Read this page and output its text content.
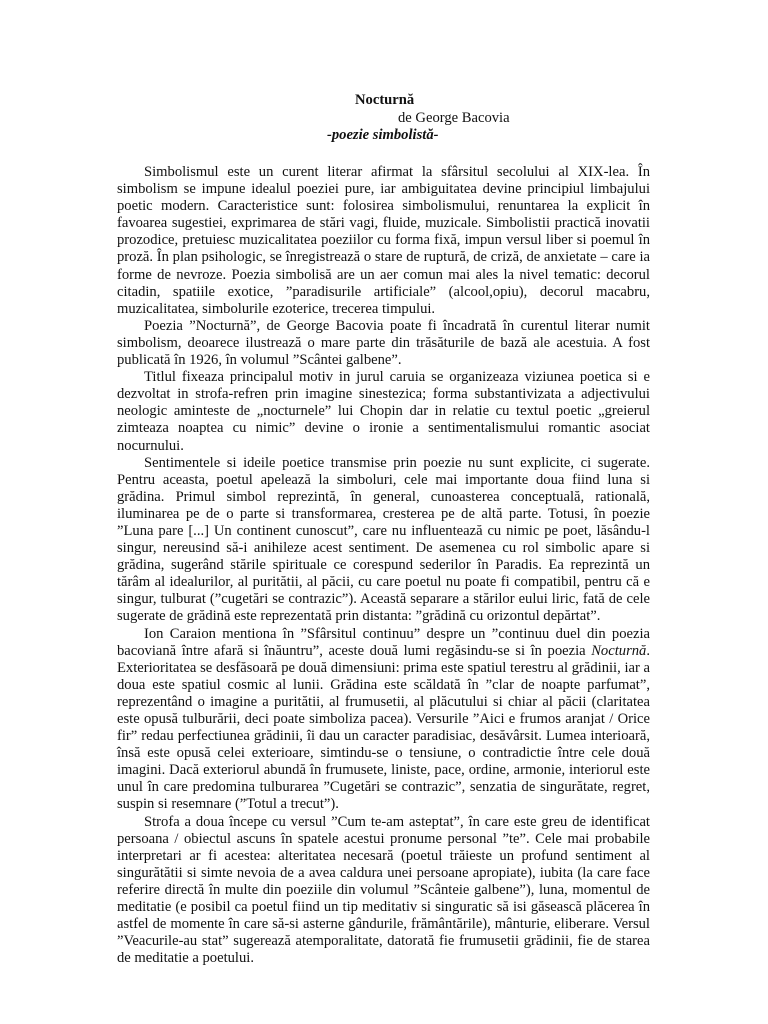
Nocturnă
de George Bacovia
-poezie simbolistă-

Simbolismul este un curent literar afirmat la sfârsitul secolului al XIX-lea. În simbolism se impune idealul poeziei pure, iar ambiguitatea devine principiul limbajului poetic modern. Caracteristice sunt: folosirea simbolismului, renuntarea la explicit în favoarea sugestiei, exprimarea de stări vagi, fluide, muzicale. Simbolistii practică inovatii prozodice, pretuiesc muzicalitatea poeziilor cu forma fixă, impun versul liber si poemul în proză. În plan psihologic, se înregistrează o stare de ruptură, de criză, de anxietate – care ia forme de nevroze. Poezia simbolisă are un aer comun mai ales la nivel tematic: decorul citadin, spatiile exotice, ”paradisurile artificiale” (alcool,opiu), decorul macabru, muzicalitatea, simbolurile ezoterice, trecerea timpului.

Poezia ”Nocturnă”, de George Bacovia poate fi încadrată în curentul literar numit simbolism, deoarece ilustrează o mare parte din trăsăturile de bază ale acestuia. A fost publicată în 1926, în volumul ”Scântei galbene”.

Titlul fixeaza principalul motiv in jurul caruia se organizeaza viziunea poetica si e dezvoltat in strofa-refren prin imagine sinestezica; forma substantivizata a adjectivului neologic aminteste de „nocturnele” lui Chopin dar in relatie cu textul poetic „greierul zimteaza noaptea cu nimic” devine o ironie a sentimentalismului romantic asociat nocurnului.

Sentimentele si ideile poetice transmise prin poezie nu sunt explicite, ci sugerate. Pentru aceasta, poetul apelează la simboluri, cele mai importante doua fiind luna si grădina. Primul simbol reprezintă, în general, cunoasterea conceptuală, ratională, iluminarea pe de o parte si transformarea, cresterea pe de altă parte. Totusi, în poezie ”Luna pare [...] Un continent cunoscut”, care nu influentează cu nimic pe poet, lăsându-l singur, nereusind să-i anihileze acest sentiment. De asemenea cu rol simbolic apare si grădina, sugerând stările spirituale ce corespund sederilor în Paradis. Ea reprezintă un tărâm al idealurilor, al puritătii, al păcii, cu care poetul nu poate fi compatibil, pentru că e singur, tulburat (”cugetări se contrazic”). Această separare a stărilor eului liric, fată de cele sugerate de grădină este reprezentată prin distanta: ”grădină cu orizontul depărtat”.

Ion Caraion mentiona în ”Sfârsitul continuu” despre un ”continuu duel din poezia bacoviană între afară si înăuntru”, aceste două lumi regăsindu-se si în poezia Nocturnă. Exterioritatea se desfăsoară pe două dimensiuni: prima este spatiul terestru al grădinii, iar a doua este spatiul cosmic al lunii. Grădina este scăldată în ”clar de noapte parfumat”, reprezentând o imagine a puritătii, al frumusetii, al plăcutului si chiar al păcii (claritatea este opusă tulburării, deci poate simboliza pacea). Versurile ”Aici e frumos aranjat / Orice fir” redau perfectiunea grădinii, îi dau un caracter paradisiac, desăvârsit. Lumea interioară, însă este opusă celei exterioare, simtindu-se o tensiune, o contradictie între cele două imagini. Dacă exteriorul abundă în frumusete, liniste, pace, ordine, armonie, interiorul este unul în care predomina tulburarea ”Cugetări se contrazic”, senzatia de singurătate, regret, suspin si resemnare (”Totul a trecut”).

Strofa a doua începe cu versul ”Cum te-am asteptat”, în care este greu de identificat persoana / obiectul ascuns în spatele acestui pronume personal ”te”. Cele mai probabile interpretari ar fi acestea: alteritatea necesară (poetul trăieste un profund sentiment al singurătătii si simte nevoia de a avea caldura unei persoane apropiate), iubita (la care face referire directă în multe din poeziile din volumul ”Scânteie galbene”), luna, momentul de meditatie (e posibil ca poetul fiind un tip meditativ si singuratic să isi găsească plăcerea în astfel de momente în care să-si asterne gândurile, frământările), mânturie, eliberare. Versul ”Veacurile-au stat” sugerează atemporalitate, datorată fie frumusetii grădinii, fie de starea de meditatie a poetului.
